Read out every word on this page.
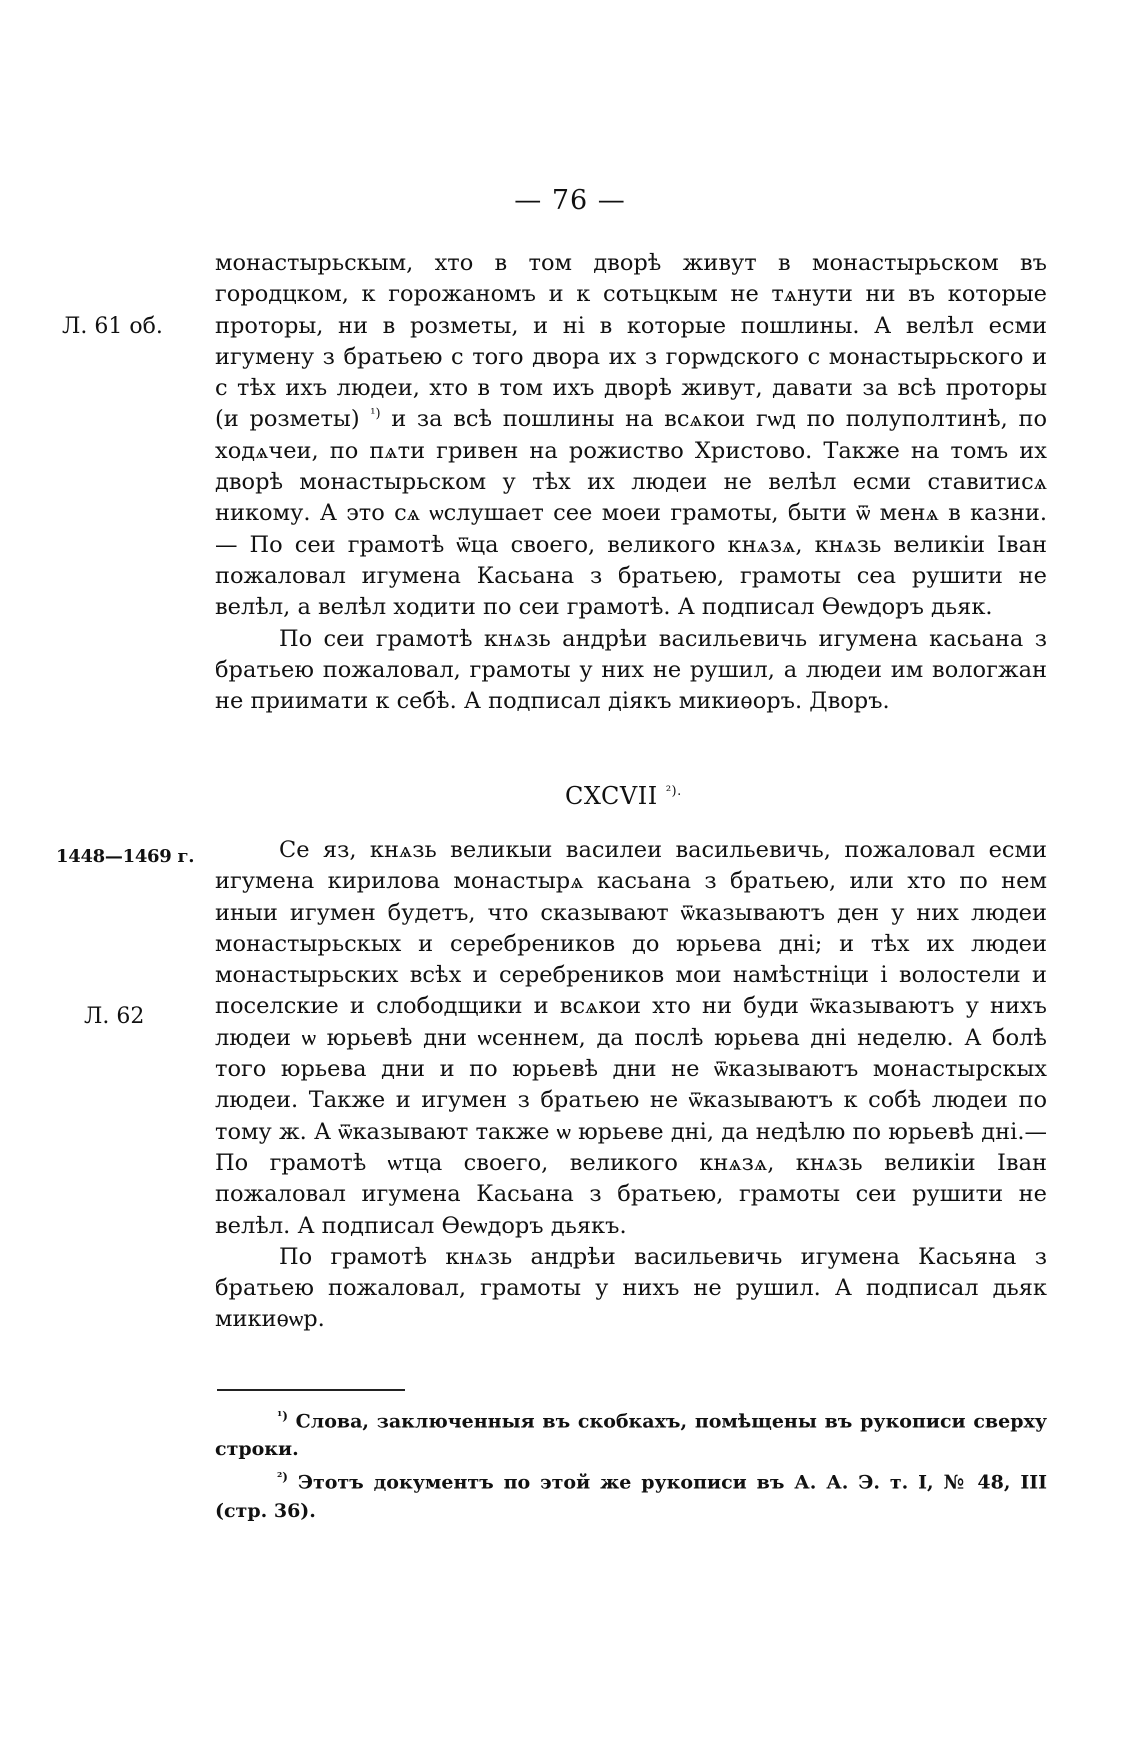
— 76 —
Л. 61 об.

монастырьскым, хто в том дворѣ живут в монастырьском въ городцком, к горожаномъ и к сотьцкым не тѧнути ни въ которые проторы, ни в розметы, и ні в которые пошлины. А велѣл есми игумену з братьею с того двора их з горѡдского с монастырьского и с тѣх ихъ людеи, хто в том ихъ дворѣ живут, давати за всѣ проторы (и розметы) $^{^1)}$ и за всѣ пошлины на всѧкои гѡд по полуполтинѣ, по ходѧчеи, по пѧти гривен на рожиство Христово. Также на томъ их дворѣ монастырьском у тѣх их людеи не велѣл есми ставитисѧ никому. А это сѧ ѡслушает сее моеи грамоты, быти ѿ менѧ в казни. — По сеи грамотѣ ѿца своего, великого кнѧзѧ, кнѧзь великіи Іван пожаловал игумена Касьана з братьею, грамоты сеа рушити не велѣл, а велѣл ходити по сеи грамотѣ. А подписал Ѳеѡдоръ дьяк.

По сеи грамотѣ кнѧзь андрѣи васильевичь игумена касьана з братьею пожаловал, грамоты у них не рушил, а людеи им вологжан не приимати к себѣ. А подписал діякъ микиѳоръ. Дворъ.

CXCVII $^{^2).}$
1448—1469 г.
Л. 62

Се яз, кнѧзь великыи василеи васильевичь, пожаловал есми игумена кирилова монастырѧ касьана з братьею, или хто по нем иныи игумен будетъ, что сказывают ѿказываютъ ден у них людеи монастырьскых и серебреников до юрьева дні; и тѣх их людеи монастырьских всѣх и серебреников мои намѣстніци і волостели и поселские и слободщики и всѧкои хто ни буди ѿказываютъ у нихъ людеи ѡ юрьевѣ дни ѡсеннем, да послѣ юрьева дні неделю. А болѣ того юрьева дни и по юрьевѣ дни не ѿказываютъ монастырскых людеи. Также и игумен з братьею не ѿказываютъ к собѣ людеи по тому ж. А ѿказывают также ѡ юрьеве дні, да недѣлю по юрьевѣ дні.—По грамотѣ ѡтца своего, великого кнѧзѧ, кнѧзь великіи Іван пожаловал игумена Касьана з братьею, грамоты сеи рушити не велѣл. А подписал Ѳеѡдоръ дьякъ.

По грамотѣ кнѧзь андрѣи васильевичь игумена Касьяна з братьею пожаловал, грамоты у нихъ не рушил. А подписал дьяк микиѳѡр.

$^{^1)}$ Слова, заключенныя въ скобкахъ, помѣщены въ рукописи сверху строки.

$^{^2)}$ Этотъ документъ по этой же рукописи въ А. А. Э. т. I, № 48, III (стр. 36).
